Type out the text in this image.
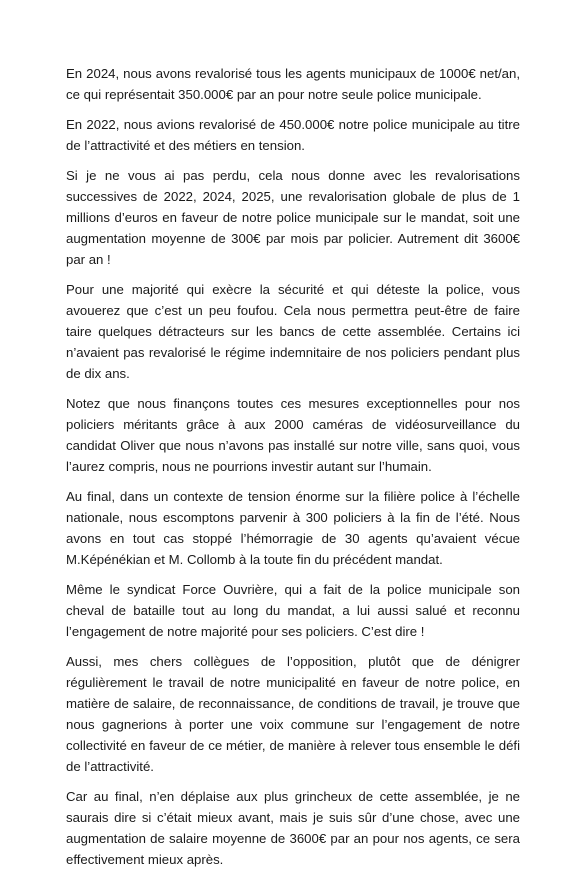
En 2024, nous avons revalorisé tous les agents municipaux de 1000€ net/an, ce qui représentait 350.000€ par an pour notre seule police municipale.

En 2022, nous avions revalorisé de 450.000€ notre police municipale au titre de l’attractivité et des métiers en tension.

Si je ne vous ai pas perdu, cela nous donne avec les revalorisations successives de 2022, 2024, 2025, une revalorisation globale de plus de 1 millions d’euros en faveur de notre police municipale sur le mandat, soit une augmentation moyenne de 300€ par mois par policier. Autrement dit 3600€ par an !

Pour une majorité qui exècre la sécurité et qui déteste la police, vous avouerez que c’est un peu foufou. Cela nous permettra peut-être de faire taire quelques détracteurs sur les bancs de cette assemblée. Certains ici n’avaient pas revalorisé le régime indemnitaire de nos policiers pendant plus de dix ans.

Notez que nous finançons toutes ces mesures exceptionnelles pour nos policiers méritants grâce à aux 2000 caméras de vidéosurveillance du candidat Oliver que nous n’avons pas installé sur notre ville, sans quoi, vous l’aurez compris, nous ne pourrions investir autant sur l’humain.

Au final, dans un contexte de tension énorme sur la filière police à l’échelle nationale, nous escomptons parvenir à 300 policiers à la fin de l’été. Nous avons en tout cas stoppé l’hémorragie de 30 agents qu’avaient vécue M.Képénékian et M. Collomb à la toute fin du précédent mandat.

Même le syndicat Force Ouvrière, qui a fait de la police municipale son cheval de bataille tout au long du mandat, a lui aussi salué et reconnu l’engagement de notre majorité pour ses policiers. C’est dire !

Aussi, mes chers collègues de l’opposition, plutôt que de dénigrer régulièrement le travail de notre municipalité en faveur de notre police, en matière de salaire, de reconnaissance, de conditions de travail, je trouve que nous gagnerions à porter une voix commune sur l’engagement de notre collectivité en faveur de ce métier, de manière à relever tous ensemble le défi de l’attractivité.

Car au final, n’en déplaise aux plus grincheux de cette assemblée, je ne saurais dire si c’était mieux avant, mais je suis sûr d’une chose, avec une augmentation de salaire moyenne de 3600€ par an pour nos agents, ce sera effectivement mieux après.
